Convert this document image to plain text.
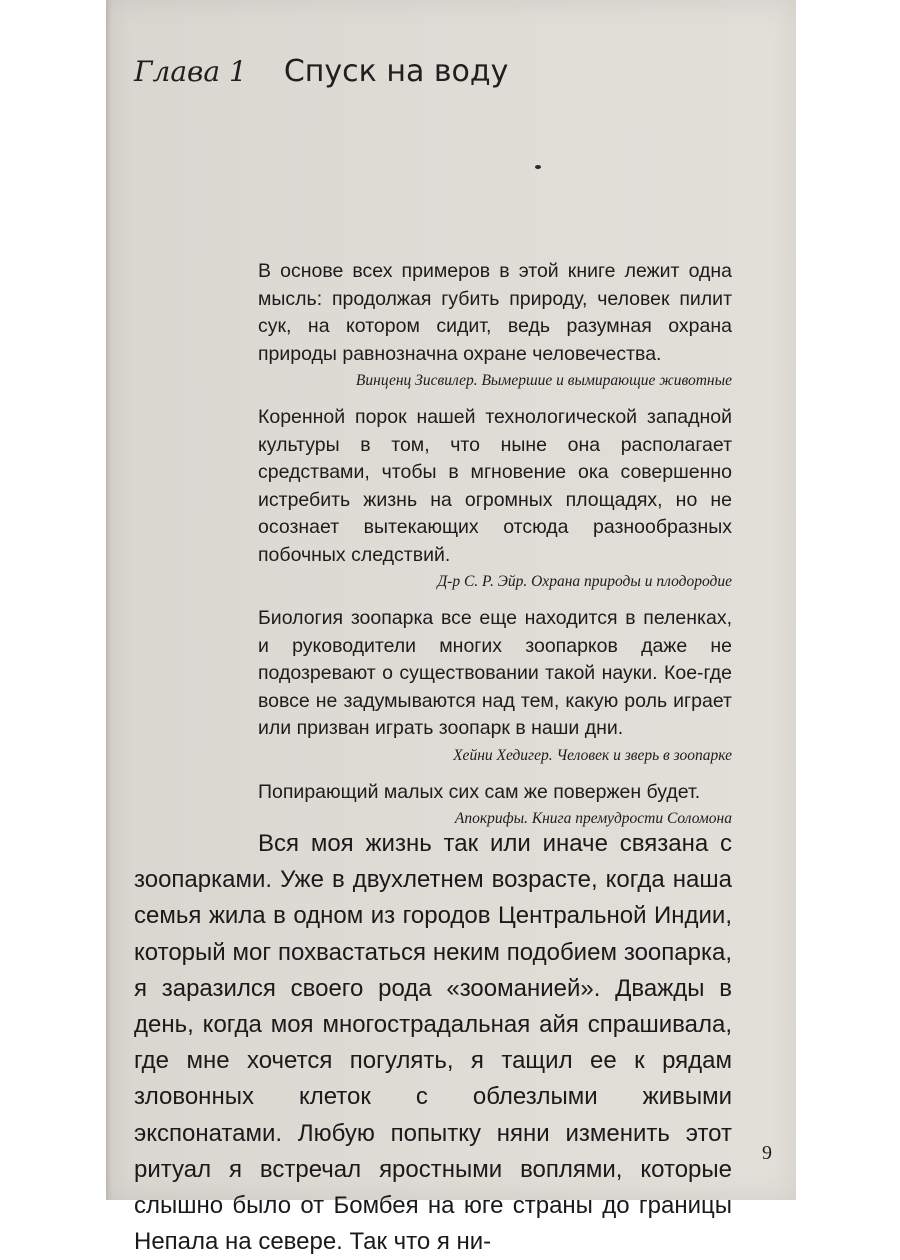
Глава 1 Спуск на воду

В основе всех примеров в этой книге лежит одна мысль: продолжая губить природу, человек пилит сук, на котором сидит, ведь разумная охрана природы равнозначна охране человечества.

Винценц Зисвилер. Вымершие и вымирающие животные

Коренной порок нашей технологической западной культуры в том, что ныне она располагает средствами, чтобы в мгновение ока совершенно истребить жизнь на огромных площадях, но не осознает вытекающих отсюда разнообразных побочных следствий.

Д-р С. Р. Эйр. Охрана природы и плодородие

Биология зоопарка все еще находится в пеленках, и руководители многих зоопарков даже не подозревают о существовании такой науки. Кое-где вовсе не задумываются над тем, какую роль играет или призван играть зоопарк в наши дни.

Хейни Хедигер. Человек и зверь в зоопарке

Попирающий малых сих сам же повержен будет.

Апокрифы. Книга премудрости Соломона

Вся моя жизнь так или иначе связана с зоопарками. Уже в двухлетнем возрасте, когда наша семья жила в одном из городов Центральной Индии, который мог похвастаться неким подобием зоопарка, я заразился своего рода «зооманией». Дважды в день, когда моя многострадальная айя спрашивала, где мне хочется погулять, я тащил ее к рядам зловонных клеток с облезлыми живыми экспонатами. Любую попытку няни изменить этот ритуал я встречал яростными воплями, которые слышно было от Бомбея на юге страны до границы Непала на севере. Так что я ни-

9
